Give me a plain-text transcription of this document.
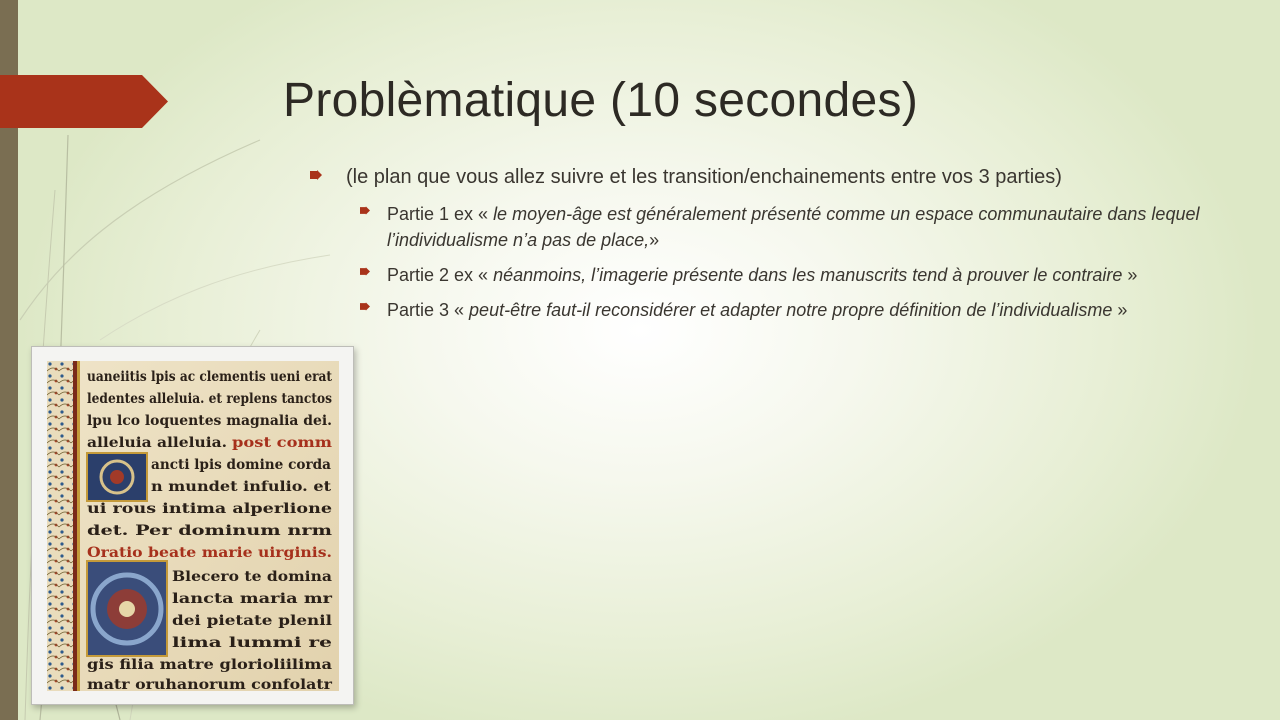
Problèmatique (10 secondes)
(le plan que vous allez suivre et les transition/enchainements entre vos 3 parties)
Partie 1 ex « le moyen-âge est généralement présenté comme un espace communautaire dans lequel l’individualisme n’a pas de place,»
Partie 2 ex « néanmoins, l’imagerie présente dans les manuscrits tend à prouver le contraire »
Partie 3 « peut-être faut-il reconsidérer et adapter notre propre définition de l’individualisme »
uaneiitis lpis ac clementis ueni erat
ledentes alleluia. et replens tanctos
lpu lco loquentes magnalia dei.
alleluia alleluia. post comm
ancti lpis domine corda
n mundet infulio. et
ui rous intima alperlione
det. Per dominum nrm
Oratio beate marie uirginis.
Blecero te domina
lancta maria mr
dei pietate plenil
lima lummi re
gis filia matre glorioliilima
matr oruhanorum confolatr
